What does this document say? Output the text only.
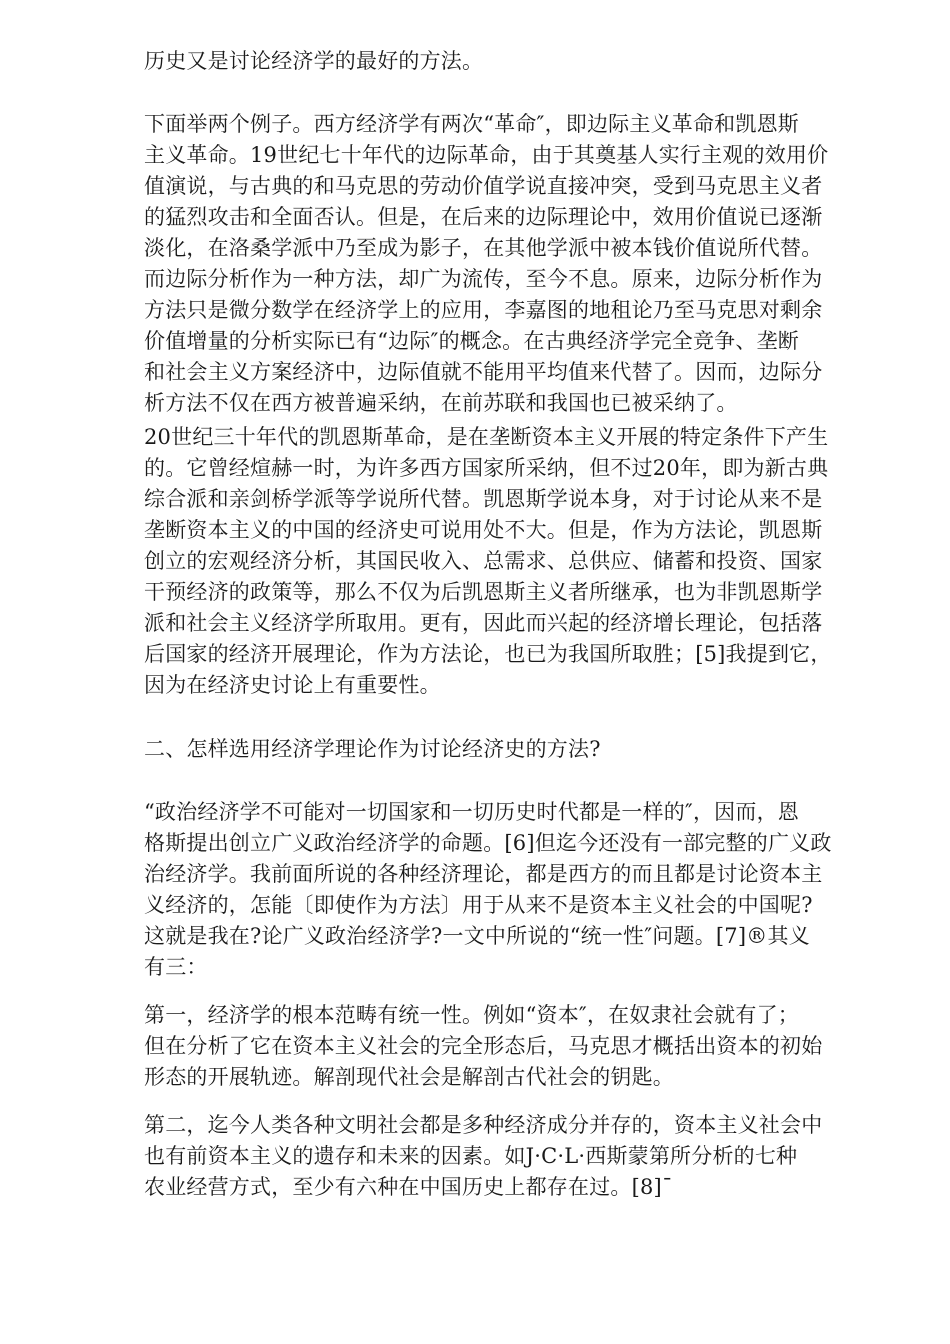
历史又是讨论经济学的最好的方法。
下面举两个例子。西方经济学有两次“革命″，即边际主义革命和凯恩斯
主义革命。19世纪七十年代的边际革命，由于其奠基人实行主观的效用价
值演说，与古典的和马克思的劳动价值学说直接冲突，受到马克思主义者
的猛烈攻击和全面否认。但是，在后来的边际理论中，效用价值说已逐渐
淡化，在洛桑学派中乃至成为影子，在其他学派中被本钱价值说所代替。
而边际分析作为一种方法，却广为流传，至今不息。原来，边际分析作为
方法只是微分数学在经济学上的应用，李嘉图的地租论乃至马克思对剩余
价值增量的分析实际已有“边际″的概念。在古典经济学完全竞争、垄断
和社会主义方案经济中，边际值就不能用平均值来代替了。因而，边际分
析方法不仅在西方被普遍采纳，在前苏联和我国也已被采纳了。
20世纪三十年代的凯恩斯革命，是在垄断资本主义开展的特定条件下产生
的。它曾经煊赫一时，为许多西方国家所采纳，但不过20年，即为新古典
综合派和亲剑桥学派等学说所代替。凯恩斯学说本身，对于讨论从来不是
垄断资本主义的中国的经济史可说用处不大。但是，作为方法论，凯恩斯
创立的宏观经济分析，其国民收入、总需求、总供应、储蓄和投资、国家
干预经济的政策等，那么不仅为后凯恩斯主义者所继承，也为非凯恩斯学
派和社会主义经济学所取用。更有，因此而兴起的经济增长理论，包括落
后国家的经济开展理论，作为方法论，也已为我国所取胜；[5]我提到它，
因为在经济史讨论上有重要性。
二、怎样选用经济学理论作为讨论经济史的方法?
“政治经济学不可能对一切国家和一切历史时代都是一样的″，因而，恩
格斯提出创立广义政治经济学的命题。[6]但迄今还没有一部完整的广义政
治经济学。我前面所说的各种经济理论，都是西方的而且都是讨论资本主
义经济的，怎能〔即使作为方法〕用于从来不是资本主义社会的中国呢?
这就是我在?论广义政治经济学?一文中所说的“统一性″问题。[7]®其义
有三：
第一，经济学的根本范畴有统一性。例如“资本″，在奴隶社会就有了；
但在分析了它在资本主义社会的完全形态后，马克思才概括出资本的初始
形态的开展轨迹。解剖现代社会是解剖古代社会的钥匙。
第二，迄今人类各种文明社会都是多种经济成分并存的，资本主义社会中
也有前资本主义的遗存和未来的因素。如J·C·L·西斯蒙第所分析的七种
农业经营方式，至少有六种在中国历史上都存在过。[8]¯
